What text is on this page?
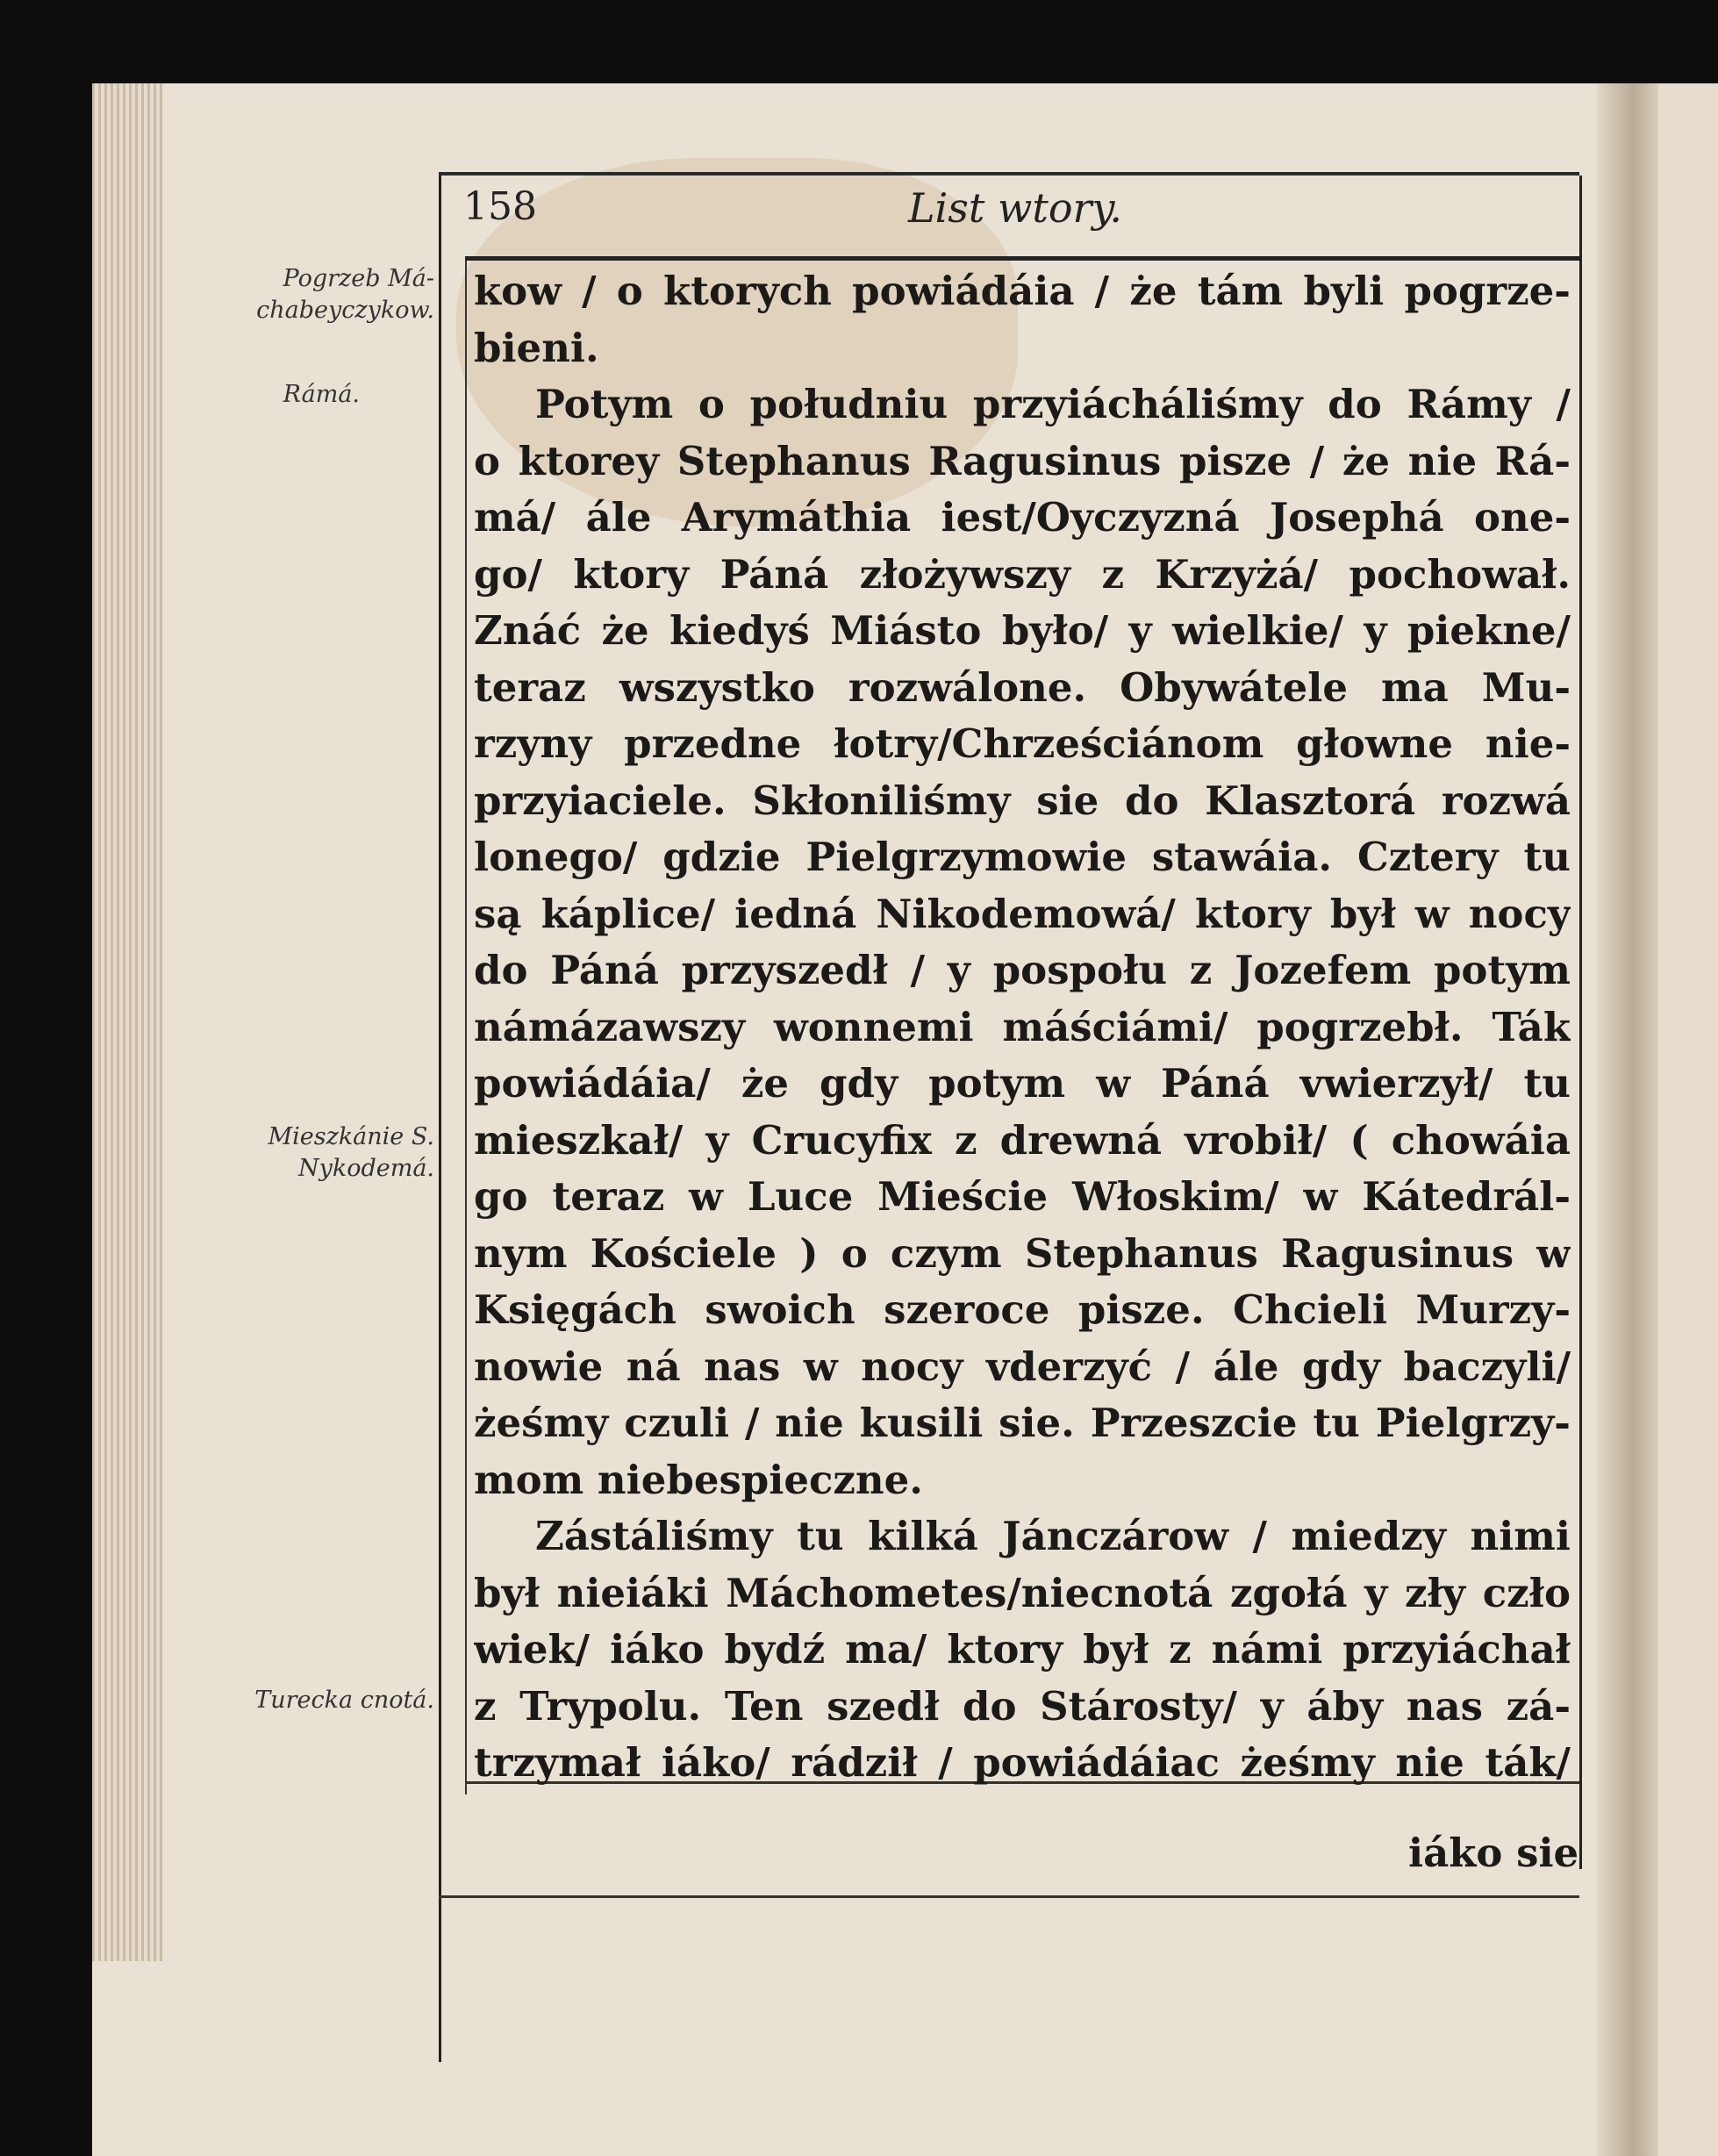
158	List wtory.
Pogrzeb Má-
chabeyczykow.
Rámá.
Mieszkánie S.
Nykodemá.
Turecka cnotá.
kow / o ktorych powiádáia / że tám byli pogrze-
bieni.
Potym o południu przyiácháliśmy do Rámy /
o ktorey Stephanus Ragusinus pisze / że nie Rá-
má/ ále Arymáthia iest/Oyczyzná Josephá one-
go/ ktory Páná złożywszy z Krzyżá/ pochował.
Znáć że kiedyś Miásto było/ y wielkie/ y piekne/
teraz wszystko rozwálone. Obywátele ma Mu-
rzyny przedne łotry/Chrześciánom głowne nie-
przyiaciele. Skłoniliśmy sie do Klasztorá rozwá
lonego/ gdzie Pielgrzymowie stawáia. Cztery tu
są káplice/ iedná Nikodemowá/ ktory był w nocy
do Páná przyszedł / y pospołu z Jozefem potym
námázawszy wonnemi máściámi/ pogrzebł. Ták
powiádáia/ że gdy potym w Páná vwierzył/ tu
mieszkał/ y Crucyfix z drewná vrobił/ ( chowáia
go teraz w Luce Mieście Włoskim/ w Kátedrál-
nym Kościele ) o czym Stephanus Ragusinus w
Księgách swoich szeroce pisze. Chcieli Murzy-
nowie ná nas w nocy vderzyć / ále gdy baczyli/
żeśmy czuli / nie kusili sie. Przeszcie tu Pielgrzy-
mom niebespieczne.
Zástáliśmy tu kilká Jánczárow / miedzy nimi
był nieiáki Máchometes/niecnotá zgołá y zły czło
wiek/ iáko bydź ma/ ktory był z námi przyiáchał
z Trypolu. Ten szedł do Stárosty/ y áby nas zá-
trzymał iáko/ rádził / powiádáiac żeśmy nie ták/
iáko sie
